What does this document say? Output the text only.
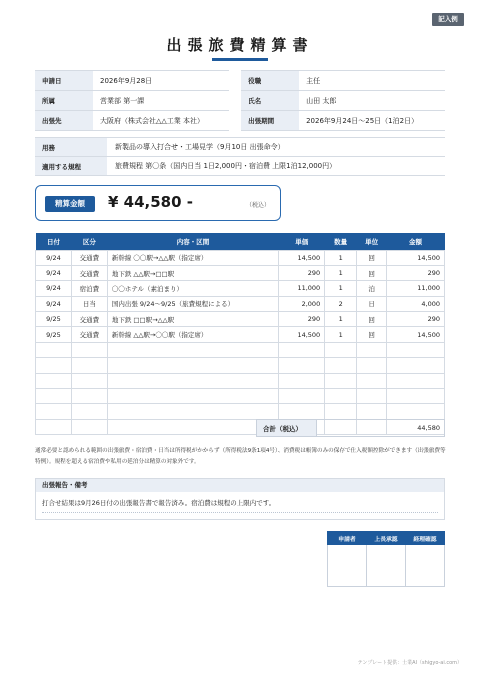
記入例
出張旅費精算書
申請日	2026年9月28日		役職	主任
所属	営業部 第一課		氏名	山田 太郎
出張先	大阪府（株式会社△△工業 本社）		出張期間	2026年9月24日〜25日（1泊2日）
用務	新製品の導入打合せ・工場見学（9月10日 出張命令）
適用する規程	旅費規程 第〇条（国内日当 1日2,000円・宿泊費 上限1泊12,000円）
精算金額	¥ 44,580 -	（税込）
日付	区分	内容・区間	単価	数量	単位	金額
9/24	交通費	新幹線 〇〇駅→△△駅（指定席）	14,500	1	回	14,500
9/24	交通費	地下鉄 △△駅→□□駅	290	1	回	290
9/24	宿泊費	〇〇ホテル（素泊まり）	11,000	1	泊	11,000
9/24	日当	国内出張 9/24〜9/25（旅費規程による）	2,000	2	日	4,000
9/25	交通費	地下鉄 □□駅→△△駅	290	1	回	290
9/25	交通費	新幹線 △△駅→〇〇駅（指定席）	14,500	1	回	14,500

合計（税込）	44,580
通常必要と認められる範囲の出張旅費・宿泊費・日当は所得税がかからず（所得税法9条1項4号）、消費税は帳簿のみの保存で仕入税額控除ができます（出張旅費等特例）。規程を超える宿泊費や私用の延泊分は精算の対象外です。
出張報告・備考
打合せ結果は9月26日付の出張報告書で報告済み。宿泊費は規程の上限内です。
申請者	上長承認	経理確認

テンプレート提供：士業AI（shigyo-ai.com）
